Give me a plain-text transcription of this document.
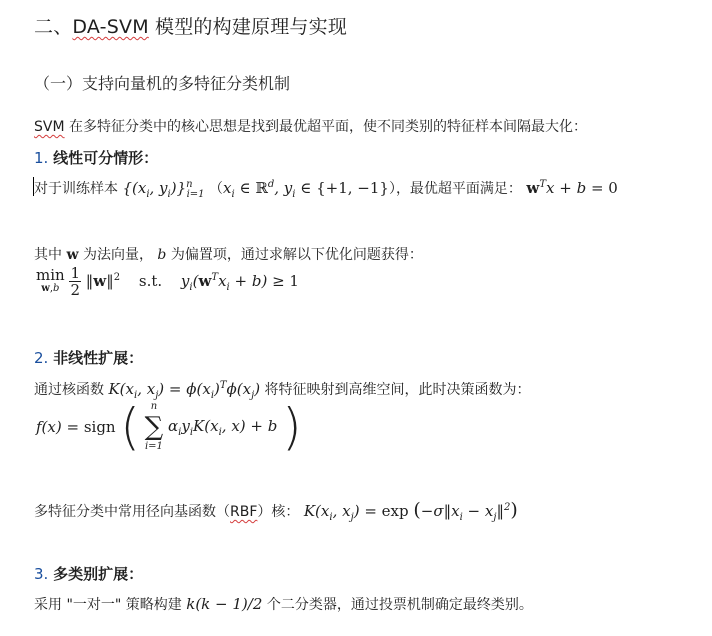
二、DA-SVM 模型的构建原理与实现
（一）支持向量机的多特征分类机制
SVM 在多特征分类中的核心思想是找到最优超平面，使不同类别的特征样本间隔最大化：
1. 线性可分情形：
对于训练样本 {($x_i$, $y_i)\}^n_{i=1}$ （$x_i$ ∈ ℝ$^d$, $y_i$ ∈ {+1, −1}），最优超平面满足： $w^Tx + b = 0$
其中 w 为法向量， b 为偏置项，通过求解以下优化问题获得：
min
w,b
$\frac{1}{2}$ ‖w‖$^2$ s.t. $y_i(w^Tx_i + b) \ge 1$
2. 非线性扩展：
通过核函数 $K(x_i$, $x_j) = \phi(x_i)^T\phi(x_j)$ 将特征映射到高维空间，此时决策函数为：
f(x) = sign (	n
∑
i=1
$\alpha_iy_iK(x_i$, x) + b )
多特征分类中常用径向基函数（RBF）核： $K(x_i$, $x_j) = \exp$ ($-\sigma‖x_i$ − $x_j‖^2$)
3. 多类别扩展：
采用 "一对一" 策略构建 k(k − 1)/2 个二分类器，通过投票机制确定最终类别。
